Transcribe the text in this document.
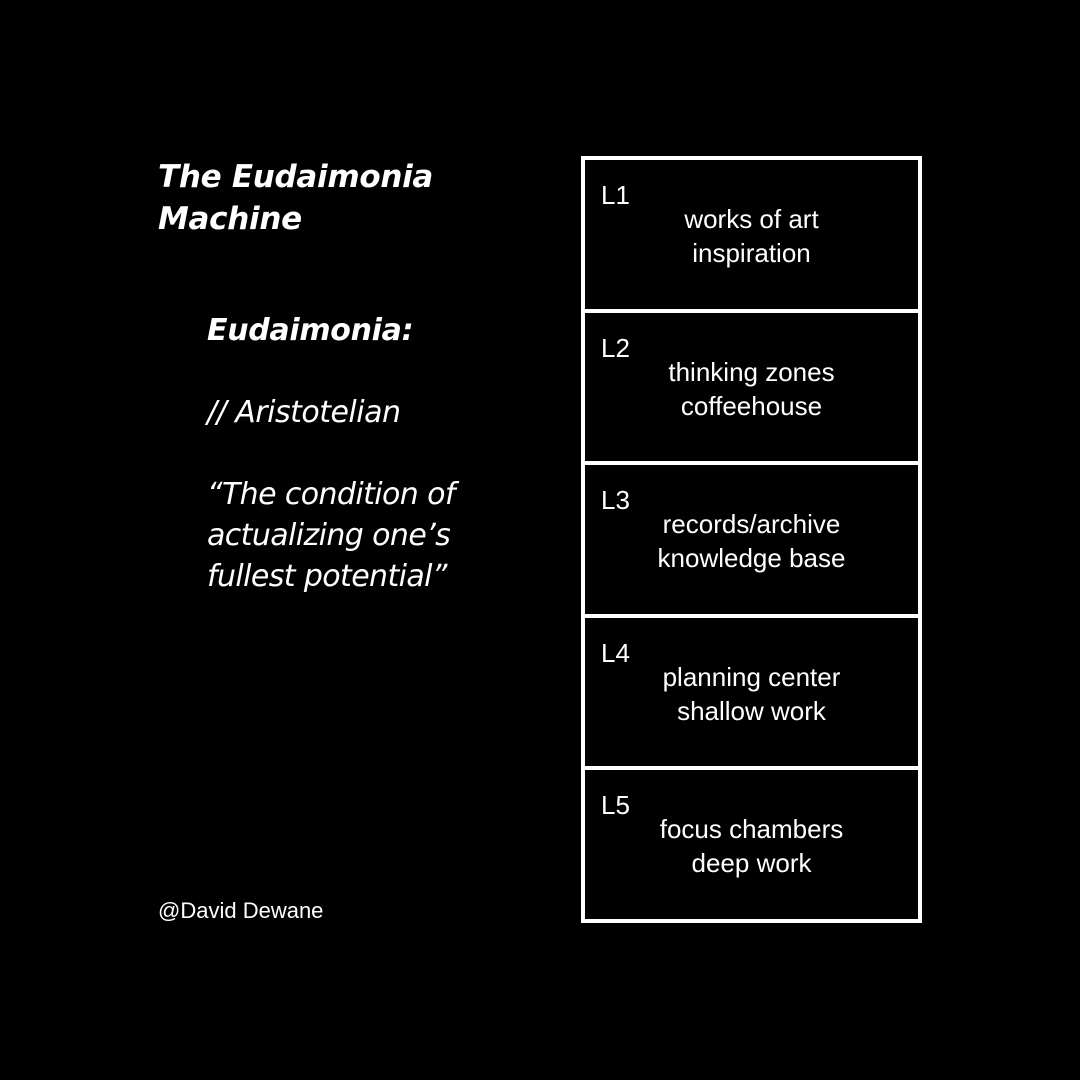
The Eudaimonia
Machine

Eudaimonia:

// Aristotelian

“The condition of
actualizing one’s
fullest potential”

@David Dewane

L1
works of art
inspiration
L2
thinking zones
coffeehouse
L3
records/archive
knowledge base
L4
planning center
shallow work
L5
focus chambers
deep work
